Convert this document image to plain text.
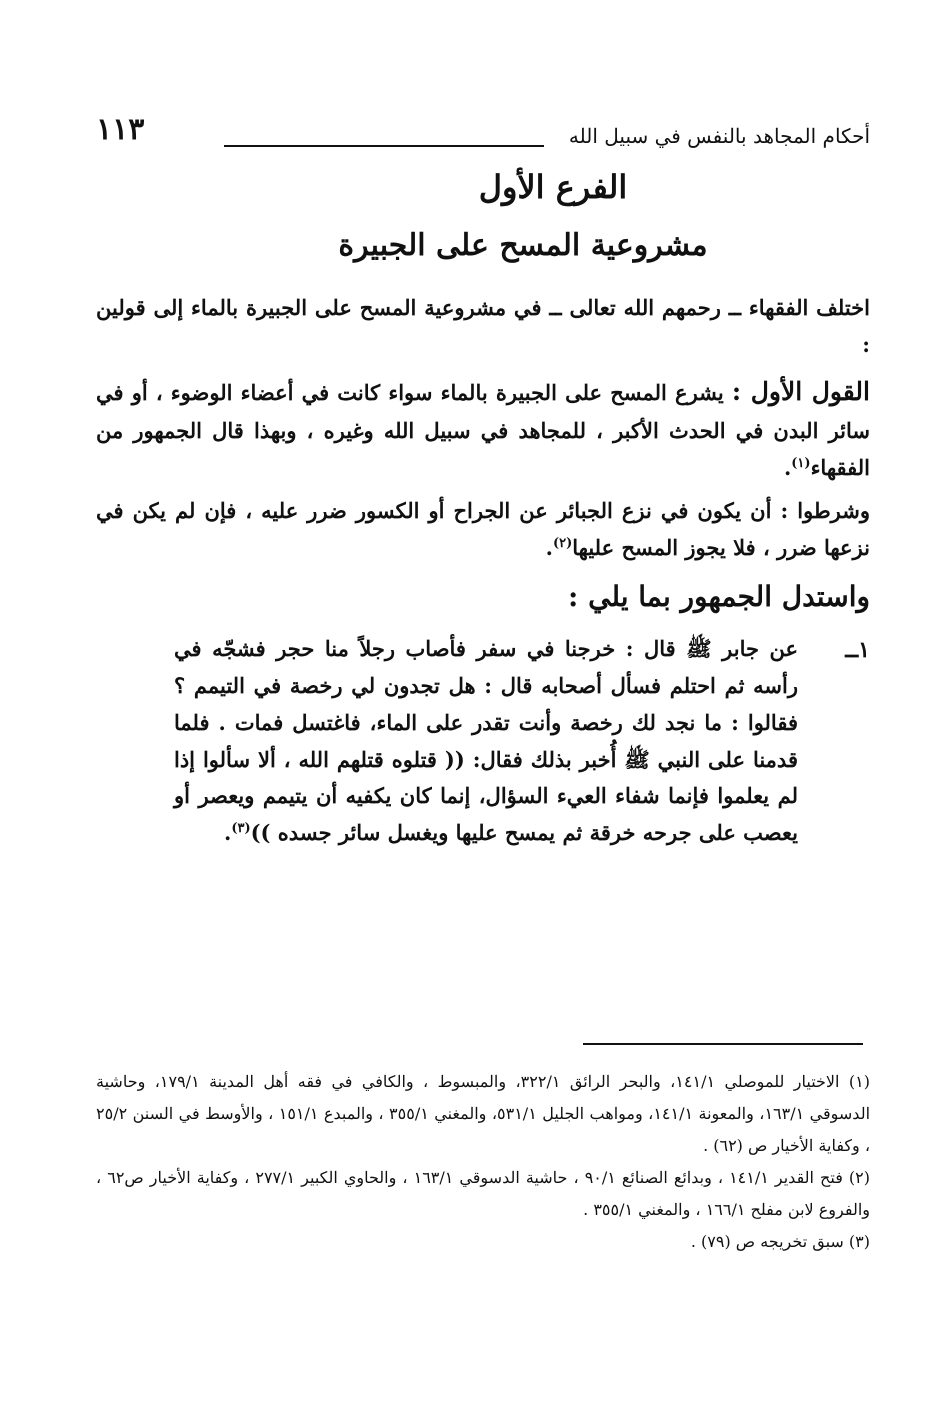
أحكام المجاهد بالنفس في سبيل الله
١١٣
الفرع الأول
مشروعية المسح على الجبيرة

اختلف الفقهاء ــ رحمهم الله تعالى ــ في مشروعية المسح على الجبيرة بالماء إلى قولين :

القول الأول : يشرع المسح على الجبيرة بالماء سواء كانت في أعضاء الوضوء ، أو في سائر البدن في الحدث الأكبر ، للمجاهد في سبيل الله وغيره ، وبهذا قال الجمهور من الفقهاء$^{(١)}$.

وشرطوا : أن يكون في نزع الجبائر عن الجراح أو الكسور ضرر عليه ، فإن لم يكن في نزعها ضرر ، فلا يجوز المسح عليها$^{(٢)}$.

واستدل الجمهور بما يلي :
١ــ
عن جابر ﷺ قال : خرجنا في سفر فأصاب رجلاً منا حجر فشجّه في رأسه ثم احتلم فسأل أصحابه قال : هل تجدون لي رخصة في التيمم ؟ فقالوا : ما نجد لك رخصة وأنت تقدر على الماء، فاغتسل فمات . فلما قدمنا على النبي ﷺ أُخبر بذلك فقال: (( قتلوه قتلهم الله ، ألا سألوا إذا لم يعلموا فإنما شفاء العيء السؤال، إنما كان يكفيه أن يتيمم ويعصر أو يعصب على جرحه خرقة ثم يمسح عليها ويغسل سائر جسده ))$^{(٣)}$.

(١) الاختيار للموصلي ١٤١/١، والبحر الرائق ٣٢٢/١، والمبسوط ، والكافي في فقه أهل المدينة ١٧٩/١، وحاشية الدسوقي ١٦٣/١، والمعونة ١٤١/١، ومواهب الجليل ٥٣١/١، والمغني ٣٥٥/١ ، والمبدع ١٥١/١ ، والأوسط في السنن ٢٥/٢ ، وكفاية الأخيار ص (٦٢) .

(٢) فتح القدير ١٤١/١ ، وبدائع الصنائع ٩٠/١ ، حاشية الدسوقي ١٦٣/١ ، والحاوي الكبير ٢٧٧/١ ، وكفاية الأخيار ص٦٢ ، والفروع لابن مفلح ١٦٦/١ ، والمغني ٣٥٥/١ .

(٣) سبق تخريجه ص (٧٩) .
